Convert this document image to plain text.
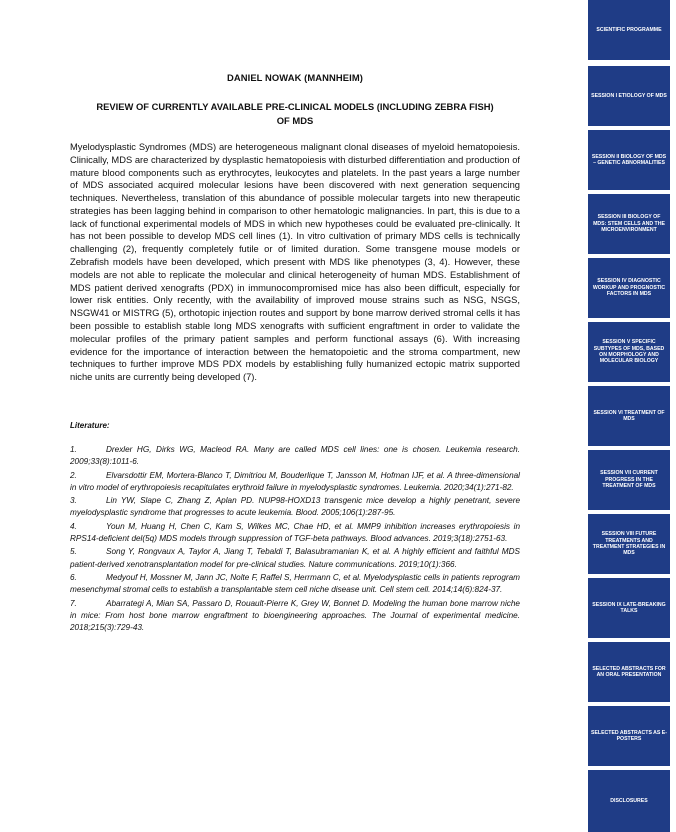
DANIEL NOWAK (MANNHEIM)
REVIEW OF CURRENTLY AVAILABLE PRE-CLINICAL MODELS (INCLUDING ZEBRA FISH)
OF MDS

Myelodysplastic Syndromes (MDS) are heterogeneous malignant clonal diseases of myeloid hematopoiesis. Clinically, MDS are characterized by dysplastic hematopoiesis with disturbed differentiation and production of mature blood components such as erythrocytes, leukocytes and platelets. In the past years a large number of MDS associated acquired molecular lesions have been discovered with next generation sequencing techniques. Nevertheless, translation of this abundance of possible molecular targets into new therapeutic strategies has been lagging behind in comparison to other hematologic malignancies. In part, this is due to a lack of functional experimental models of MDS in which new hypotheses could be evaluated pre-clinically. It has not been possible to develop MDS cell lines (1). In vitro cultivation of primary MDS cells is technically challenging (2), frequently completely futile or of limited duration. Some transgene mouse models or Zebrafish models have been developed, which present with MDS like phenotypes (3, 4). However, these models are not able to replicate the molecular and clinical heterogeneity of human MDS. Establishment of MDS patient derived xenografts (PDX) in immunocompromised mice has also been difficult, especially for lower risk entities. Only recently, with the availability of improved mouse strains such as NSG, NSGS, NSGW41 or MISTRG (5), orthotopic injection routes and support by bone marrow derived stromal cells it has been possible to establish stable long MDS xenografts with sufficient engraftment in order to validate the molecular profiles of the primary patient samples and perform functional assays (6). With increasing evidence for the importance of interaction between the hematopoietic and the stroma compartment, new techniques to further improve MDS PDX models by establishing fully humanized ectopic matrix supported niche units are currently being developed (7).

Literature:
1.	Drexler HG, Dirks WG, Macleod RA. Many are called MDS cell lines: one is chosen. Leukemia research. 2009;33(8):1011-6.
2.	Elvarsdottir EM, Mortera-Blanco T, Dimitriou M, Bouderlique T, Jansson M, Hofman IJF, et al. A three-dimensional in vitro model of erythropoiesis recapitulates erythroid failure in myelodysplastic syndromes. Leukemia. 2020;34(1):271-82.
3.	Lin YW, Slape C, Zhang Z, Aplan PD. NUP98-HOXD13 transgenic mice develop a highly penetrant, severe myelodysplastic syndrome that progresses to acute leukemia. Blood. 2005;106(1):287-95.
4.	Youn M, Huang H, Chen C, Kam S, Wilkes MC, Chae HD, et al. MMP9 inhibition increases erythropoiesis in RPS14-deficient del(5q) MDS models through suppression of TGF-beta pathways. Blood advances. 2019;3(18):2751-63.
5.	Song Y, Rongvaux A, Taylor A, Jiang T, Tebaldi T, Balasubramanian K, et al. A highly efficient and faithful MDS patient-derived xenotransplantation model for pre-clinical studies. Nature communications. 2019;10(1):366.
6.	Medyouf H, Mossner M, Jann JC, Nolte F, Raffel S, Herrmann C, et al. Myelodysplastic cells in patients reprogram mesenchymal stromal cells to establish a transplantable stem cell niche disease unit. Cell stem cell. 2014;14(6):824-37.
7.	Abarrategi A, Mian SA, Passaro D, Rouault-Pierre K, Grey W, Bonnet D. Modeling the human bone marrow niche in mice: From host bone marrow engraftment to bioengineering approaches. The Journal of experimental medicine. 2018;215(3):729-43.
SCIENTIFIC PROGRAMME
SESSION I ETIOLOGY OF MDS
SESSION II BIOLOGY OF MDS – GENETIC ABNORMALITIES
SESSION III BIOLOGY OF MDS: STEM CELLS AND THE MICROENVIRONMENT
SESSION IV DIAGNOSTIC WORKUP AND PROGNOSTIC FACTORS IN MDS
SESSION V SPECIFIC SUBTYPES OF MDS, BASED ON MORPHOLOGY AND MOLECULAR BIOLOGY
SESSION VI TREATMENT OF MDS
SESSION VII CURRENT PROGRESS IN THE TREATMENT OF MDS
SESSION VIII FUTURE TREATMENTS AND TREATMENT STRATEGIES IN MDS
SESSION IX LATE-BREAKING TALKS
SELECTED ABSTRACTS FOR AN ORAL PRESENTATION
SELECTED ABSTRACTS AS E-POSTERS
DISCLOSURES
